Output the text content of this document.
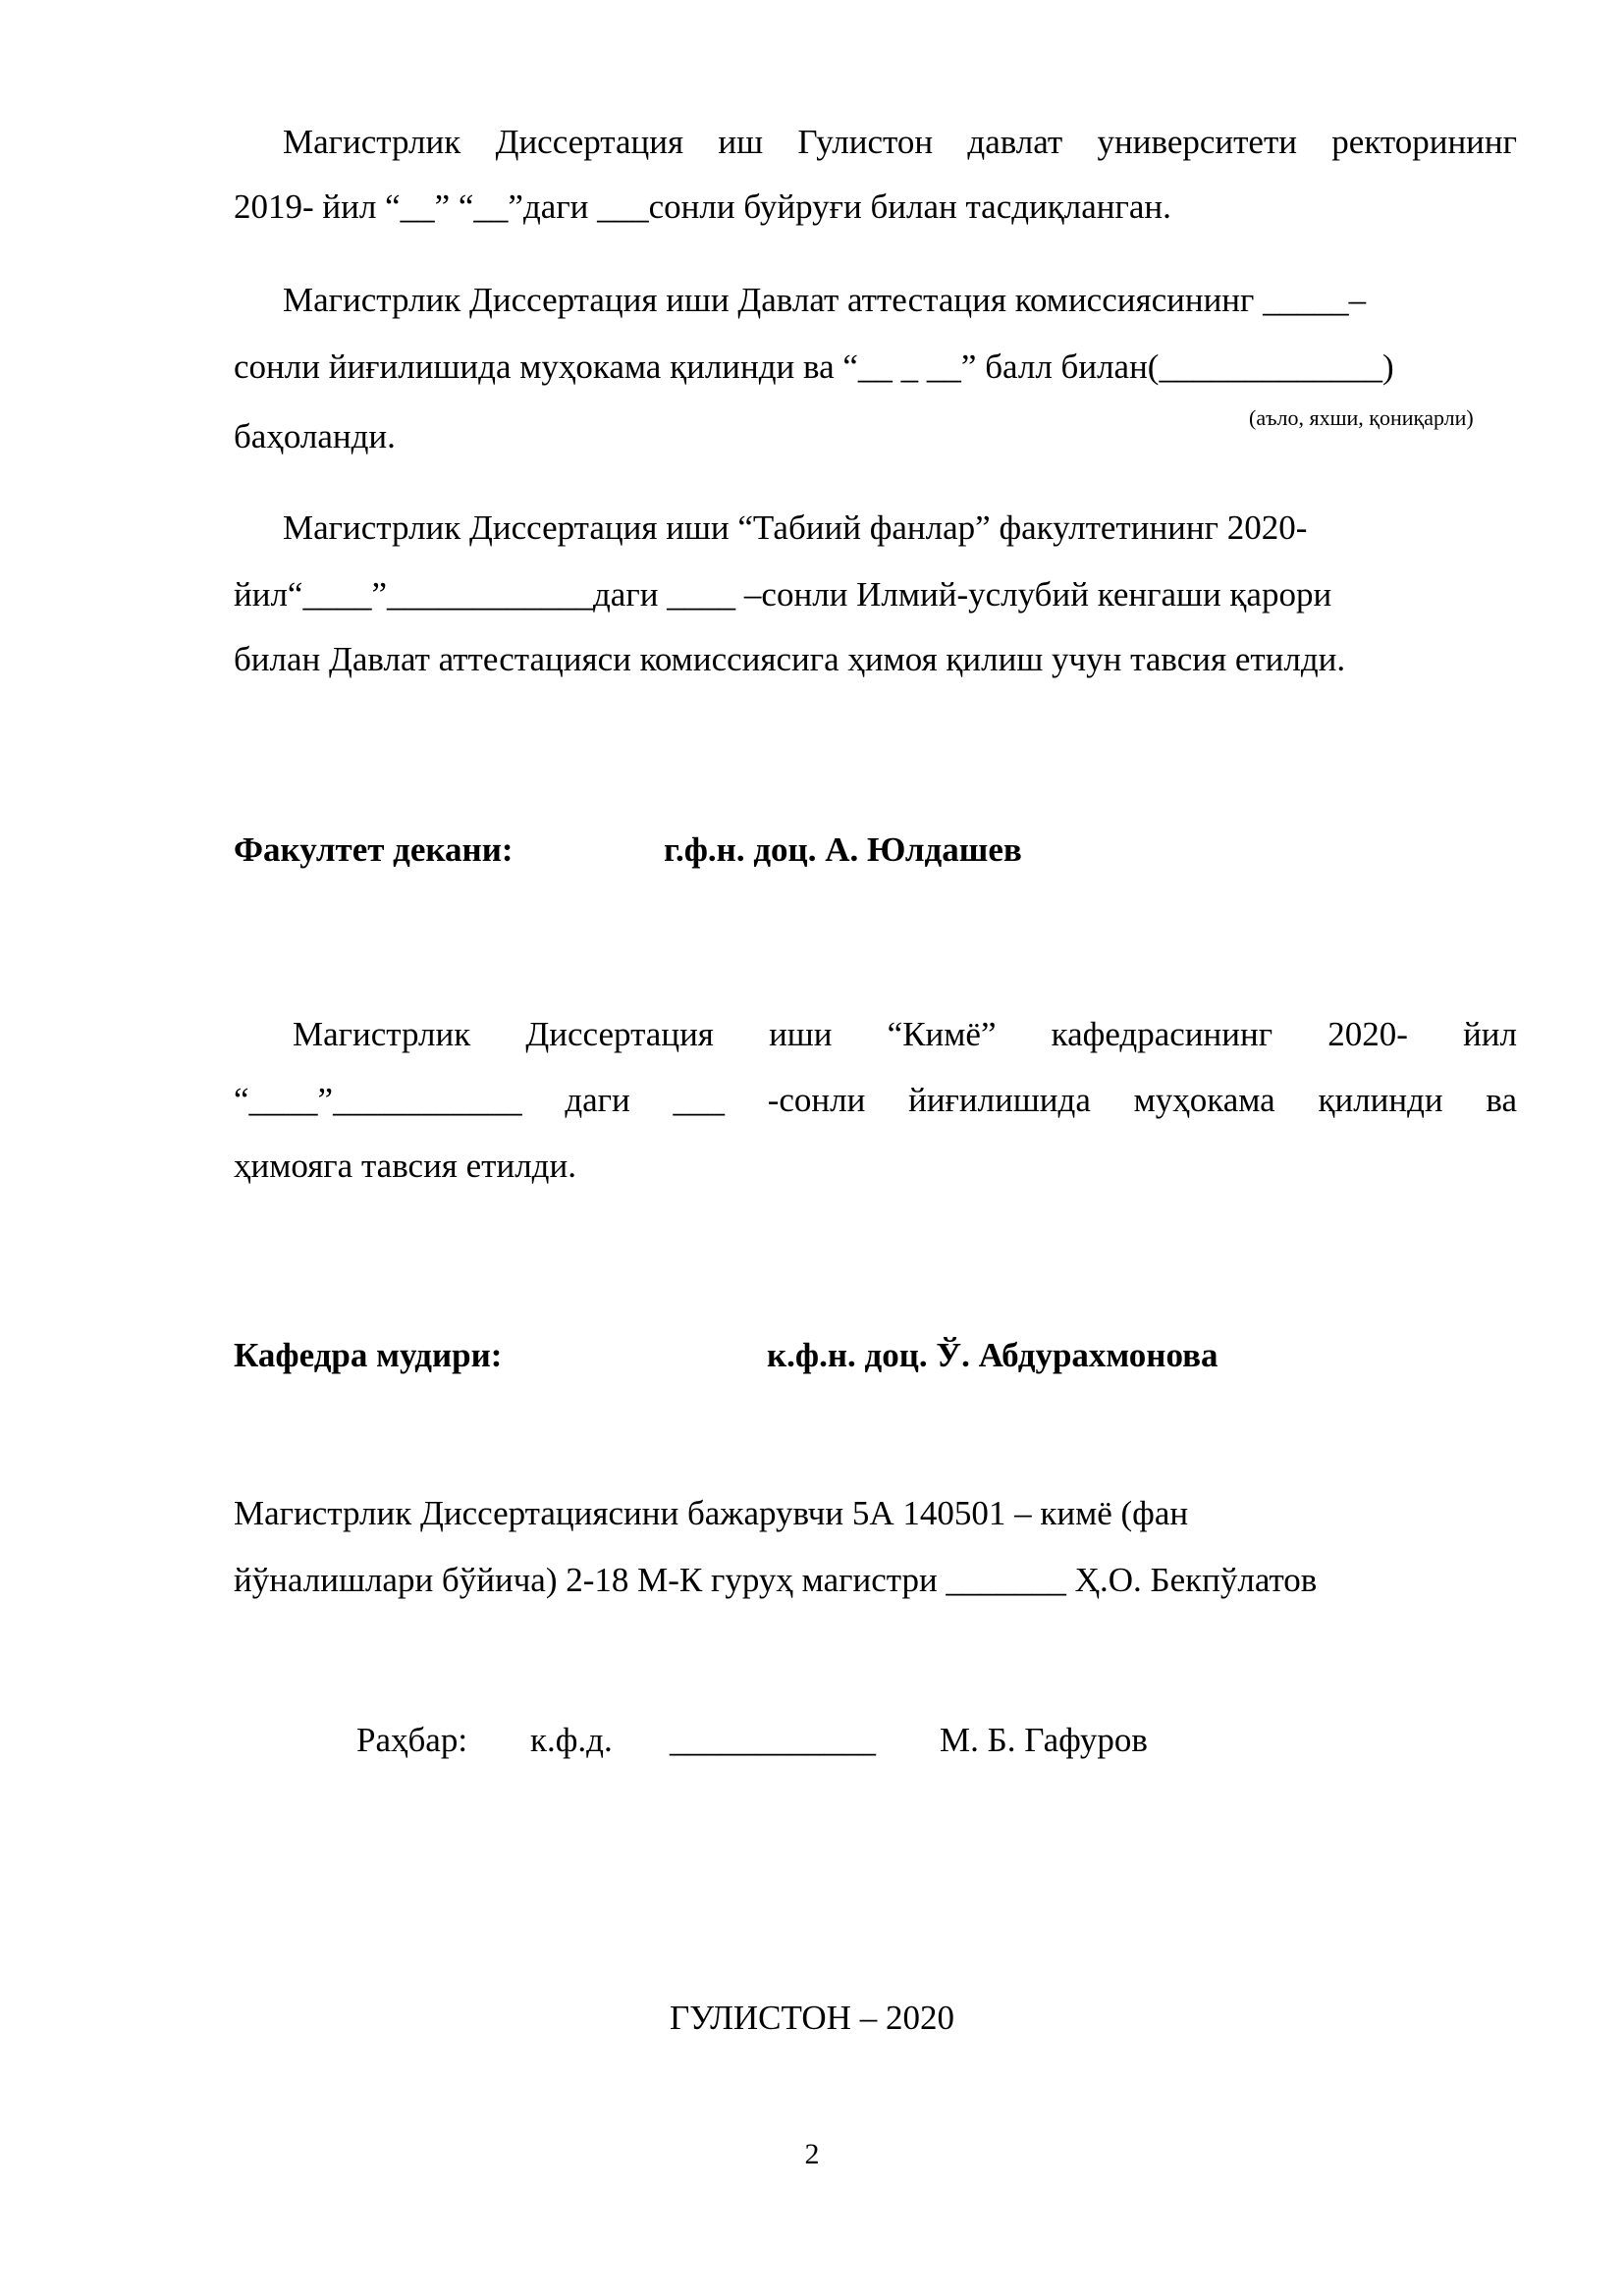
Магистрлик Диссертация иш Гулистон давлат университети ректорининг
2019- йил “__” “__”даги ___сонли буйруғи билан тасдиқланган.
Магистрлик Диссертация иши Давлат аттестация комиссиясининг _____–
сонли йиғилишида муҳокама қилинди ва “__ _ __” балл билан(_____________)
(аъло, яхши, қониқарли)
баҳоланди.
Магистрлик Диссертация иши “Табиий фанлар” факултетининг 2020-
йил“____”____________даги ____ –сонли Илмий-услубий кенгаши қарори
билан Давлат аттестацияси комиссиясига ҳимоя қилиш учун тавсия етилди.
Факултет декани:	г.ф.н. доц. А. Юлдашев
Магистрлик Диссертация иши “Кимё” кафедрасининг 2020- йил
“____”___________ даги ___ -сонли йиғилишида муҳокама қилинди ва
ҳимояга тавсия етилди.
Кафедра мудири:	к.ф.н. доц. Ў. Абдурахмонова
Магистрлик Диссертациясини бажарувчи 5А 140501 – кимё (фан
йўналишлари бўйича) 2-18 М-К гуруҳ магистри _______ Ҳ.О. Бекпўлатов
Раҳбар: к.ф.д. ____________ М. Б. Гафуров
ГУЛИСТОН – 2020
2
